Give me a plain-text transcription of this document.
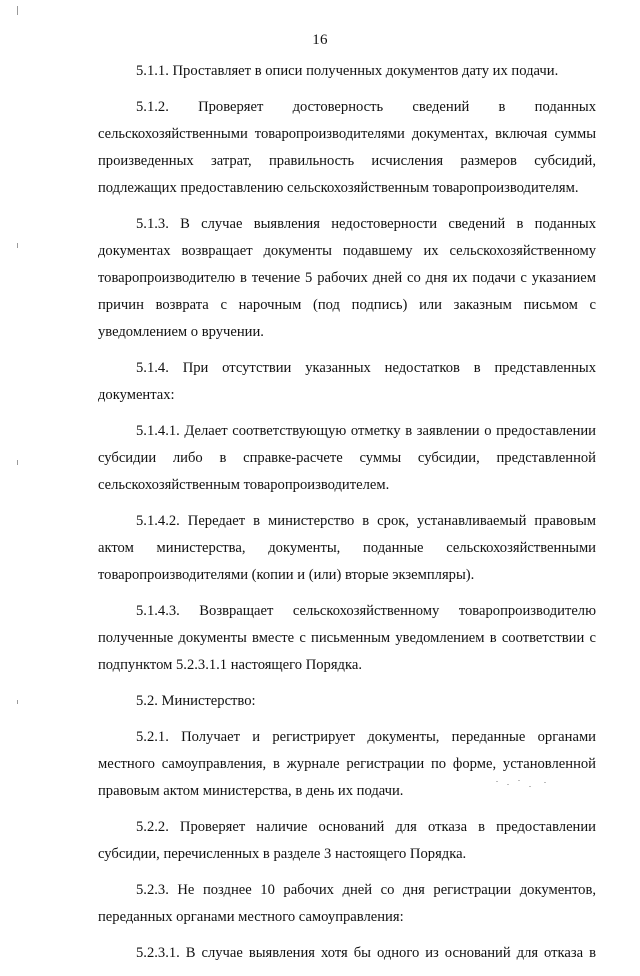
16

5.1.1. Проставляет в описи полученных документов дату их подачи.

5.1.2. Проверяет достоверность сведений в поданных сельскохозяйственными товаропроизводителями документах, включая суммы произведенных затрат, правильность исчисления размеров субсидий, подлежащих предоставлению сельскохозяйственным товаропроизводителям.

5.1.3. В случае выявления недостоверности сведений в поданных документах возвращает документы подавшему их сельскохозяйственному товаропроизводителю в течение 5 рабочих дней со дня их подачи с указанием причин возврата с нарочным (под подпись) или заказным письмом с уведомлением о вручении.

5.1.4. При отсутствии указанных недостатков в представленных документах:

5.1.4.1. Делает соответствующую отметку в заявлении о предоставлении субсидии либо в справке-расчете суммы субсидии, представленной сельскохозяйственным товаропроизводителем.

5.1.4.2. Передает в министерство в срок, устанавливаемый правовым актом министерства, документы, поданные сельскохозяйственными товаропроизводителями (копии и (или) вторые экземпляры).

5.1.4.3. Возвращает сельскохозяйственному товаропроизводителю полученные документы вместе с письменным уведомлением в соответствии с подпунктом 5.2.3.1.1 настоящего Порядка.

5.2. Министерство:

5.2.1. Получает и регистрирует документы, переданные органами местного самоуправления, в журнале регистрации по форме, установленной правовым актом министерства, в день их подачи.

5.2.2. Проверяет наличие оснований для отказа в предоставлении субсидии, перечисленных в разделе 3 настоящего Порядка.

5.2.3. Не позднее 10 рабочих дней со дня регистрации документов, переданных органами местного самоуправления:

5.2.3.1. В случае выявления хотя бы одного из оснований для отказа в
